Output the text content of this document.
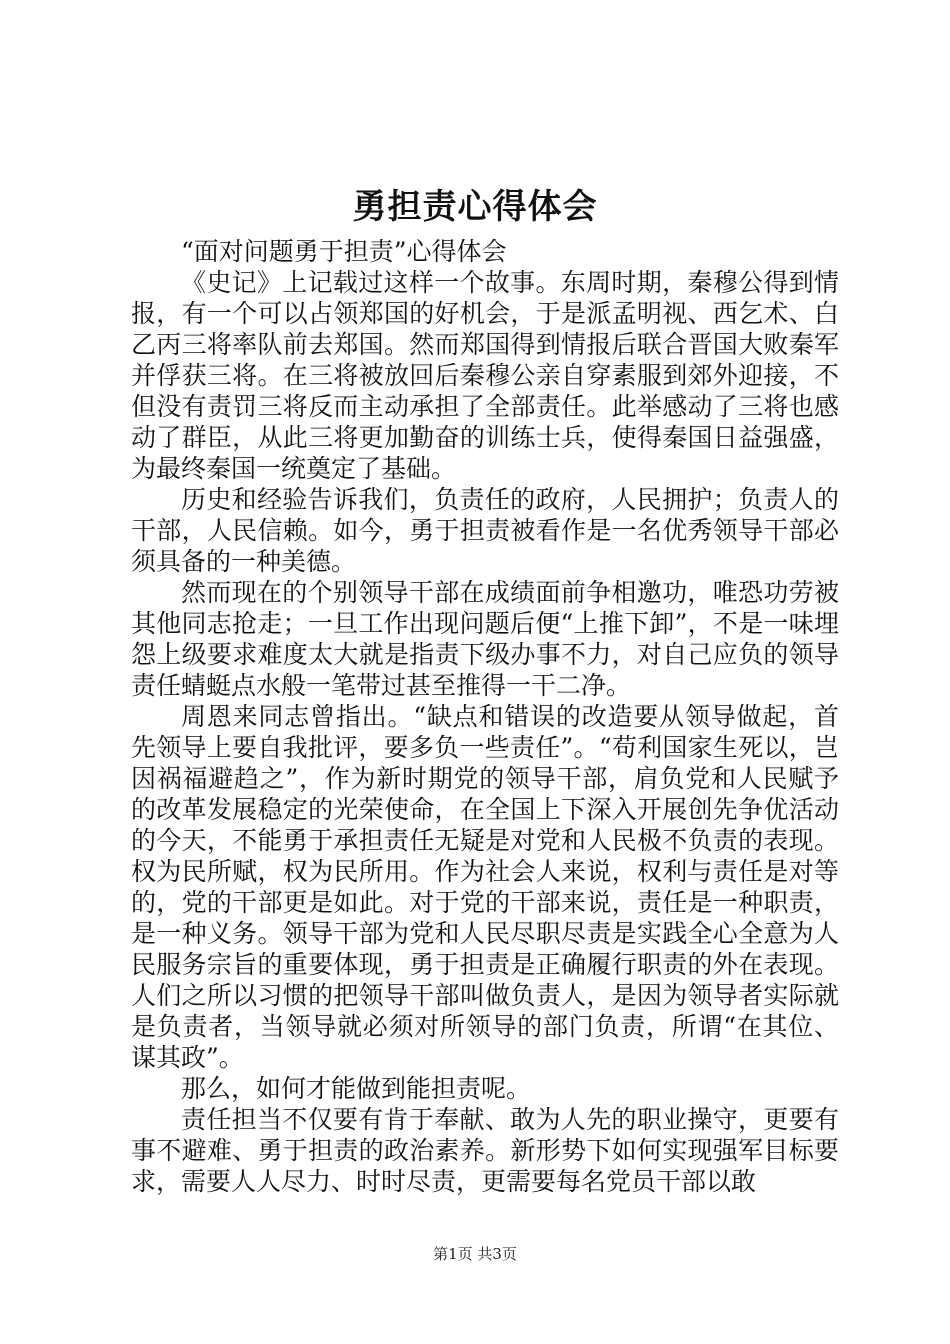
勇担责心得体会

“面对问题勇于担责”心得体会

《史记》上记载过这样一个故事。东周时期，秦穆公得到情报，有一个可以占领郑国的好机会，于是派孟明视、西乞术、白乙丙三将率队前去郑国。然而郑国得到情报后联合晋国大败秦军并俘获三将。在三将被放回后秦穆公亲自穿素服到郊外迎接，不但没有责罚三将反而主动承担了全部责任。此举感动了三将也感动了群臣，从此三将更加勤奋的训练士兵，使得秦国日益强盛，为最终秦国一统奠定了基础。

历史和经验告诉我们，负责任的政府，人民拥护；负责人的干部，人民信赖。如今，勇于担责被看作是一名优秀领导干部必须具备的一种美德。

然而现在的个别领导干部在成绩面前争相邀功，唯恐功劳被其他同志抢走；一旦工作出现问题后便“上推下卸”，不是一味埋怨上级要求难度太大就是指责下级办事不力，对自己应负的领导责任蜻蜓点水般一笔带过甚至推得一干二净。

周恩来同志曾指出。“缺点和错误的改造要从领导做起，首先领导上要自我批评，要多负一些责任”。“苟利国家生死以，岂因祸福避趋之”，作为新时期党的领导干部，肩负党和人民赋予的改革发展稳定的光荣使命，在全国上下深入开展创先争优活动的今天，不能勇于承担责任无疑是对党和人民极不负责的表现。权为民所赋，权为民所用。作为社会人来说，权利与责任是对等的，党的干部更是如此。对于党的干部来说，责任是一种职责，是一种义务。领导干部为党和人民尽职尽责是实践全心全意为人民服务宗旨的重要体现，勇于担责是正确履行职责的外在表现。人们之所以习惯的把领导干部叫做负责人，是因为领导者实际就是负责者，当领导就必须对所领导的部门负责，所谓“在其位、谋其政”。

那么，如何才能做到能担责呢。

责任担当不仅要有肯于奉献、敢为人先的职业操守，更要有事不避难、勇于担责的政治素养。新形势下如何实现强军目标要求，需要人人尽力、时时尽责，更需要每名党员干部以敢

第1页 共3页
